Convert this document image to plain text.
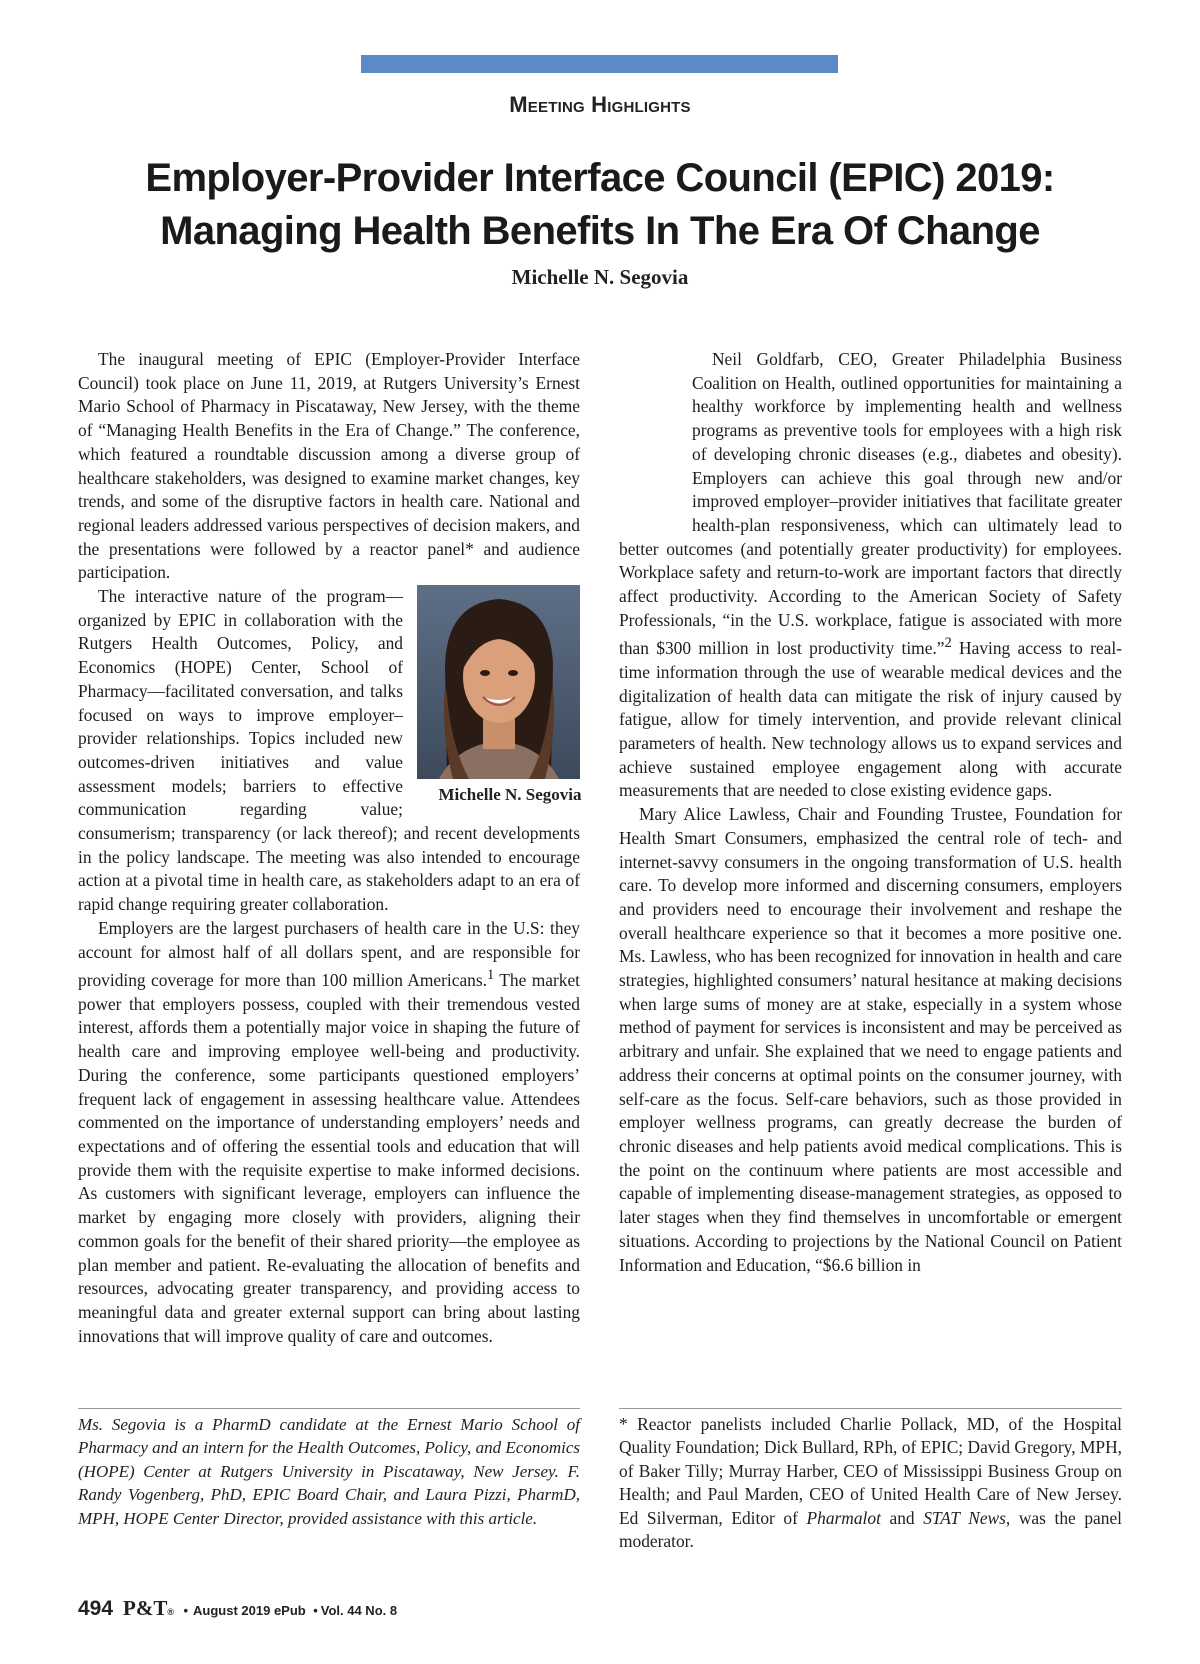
Meeting Highlights
Employer-Provider Interface Council (EPIC) 2019:
Managing Health Benefits In The Era Of Change
Michelle N. Segovia

The inaugural meeting of EPIC (Employer-Provider Interface Council) took place on June 11, 2019, at Rutgers University’s Ernest Mario School of Pharmacy in Piscataway, New Jersey, with the theme of “Managing Health Benefits in the Era of Change.” The conference, which featured a roundtable discussion among a diverse group of healthcare stakeholders, was designed to examine market changes, key trends, and some of the disruptive factors in health care. National and regional leaders addressed various perspectives of decision makers, and the presentations were followed by a reactor panel* and audience participation.

Michelle N. Segovia
The interactive nature of the program—organized by EPIC in collaboration with the Rutgers Health Outcomes, Policy, and Economics (HOPE) Center, School of Pharmacy—facilitated conversation, and talks focused on ways to improve employer–provider relationships. Topics included new outcomes-driven initiatives and value assessment models; barriers to effective communication regarding value; consumerism; transparency (or lack thereof); and recent developments in the policy landscape. The meeting was also intended to encourage action at a pivotal time in health care, as stakeholders adapt to an era of rapid change requiring greater collaboration.

Employers are the largest purchasers of health care in the U.S: they account for almost half of all dollars spent, and are responsible for providing coverage for more than 100 million Americans.$^1$ The market power that employers possess, coupled with their tremendous vested interest, affords them a potentially major voice in shaping the future of health care and improving employee well-being and productivity. During the conference, some participants questioned employers’ frequent lack of engagement in assessing healthcare value. Attendees commented on the importance of understanding employers’ needs and expectations and of offering the essential tools and education that will provide them with the requisite expertise to make informed decisions. As customers with significant leverage, employers can influence the market by engaging more closely with providers, aligning their common goals for the benefit of their shared priority—the employee as plan member and patient. Re-evaluating the allocation of benefits and resources, advocating greater transparency, and providing access to meaningful data and greater external support can bring about lasting innovations that will improve quality of care and outcomes.

Neil Goldfarb, CEO, Greater Philadelphia Business Coalition on Health, outlined opportunities for maintaining a healthy workforce by implementing health and wellness programs as preventive tools for employees with a high risk of developing chronic diseases (e.g., diabetes and obesity). Employers can achieve this goal through new and/or improved employer–provider initiatives that facilitate greater health-plan responsiveness, which can ultimately lead to better outcomes (and potentially greater productivity) for employees. Workplace safety and return-to-work are important factors that directly affect productivity. According to the American Society of Safety Professionals, “in the U.S. workplace, fatigue is associated with more than $300 million in lost productivity time.”$^2$ Having access to real-time information through the use of wearable medical devices and the digitalization of health data can mitigate the risk of injury caused by fatigue, allow for timely intervention, and provide relevant clinical parameters of health. New technology allows us to expand services and achieve sustained employee engagement along with accurate measurements that are needed to close existing evidence gaps.

Mary Alice Lawless, Chair and Founding Trustee, Foundation for Health Smart Consumers, emphasized the central role of tech- and internet-savvy consumers in the ongoing transformation of U.S. health care. To develop more informed and discerning consumers, employers and providers need to encourage their involvement and reshape the overall healthcare experience so that it becomes a more positive one. Ms. Lawless, who has been recognized for innovation in health and care strategies, highlighted consumers’ natural hesitance at making decisions when large sums of money are at stake, especially in a system whose method of payment for services is inconsistent and may be perceived as arbitrary and unfair. She explained that we need to engage patients and address their concerns at optimal points on the consumer journey, with self-care as the focus. Self-care behaviors, such as those provided in employer wellness programs, can greatly decrease the burden of chronic diseases and help patients avoid medical complications. This is the point on the continuum where patients are most accessible and capable of implementing disease-management strategies, as opposed to later stages when they find themselves in uncomfortable or emergent situations. According to projections by the National Council on Patient Information and Education, “$6.6 billion in

Ms. Segovia is a PharmD candidate at the Ernest Mario School of Pharmacy and an intern for the Health Outcomes, Policy, and Economics (HOPE) Center at Rutgers University in Piscataway, New Jersey. F. Randy Vogenberg, PhD, EPIC Board Chair, and Laura Pizzi, PharmD, MPH, HOPE Center Director, provided assistance with this article.
* Reactor panelists included Charlie Pollack, MD, of the Hospital Quality Foundation; Dick Bullard, RPh, of EPIC; David Gregory, MPH, of Baker Tilly; Murray Harber, CEO of Mississippi Business Group on Health; and Paul Marden, CEO of United Health Care of New Jersey. Ed Silverman, Editor of Pharmalot and STAT News, was the panel moderator.
494 P&T® • August 2019 ePub • Vol. 44 No. 8
